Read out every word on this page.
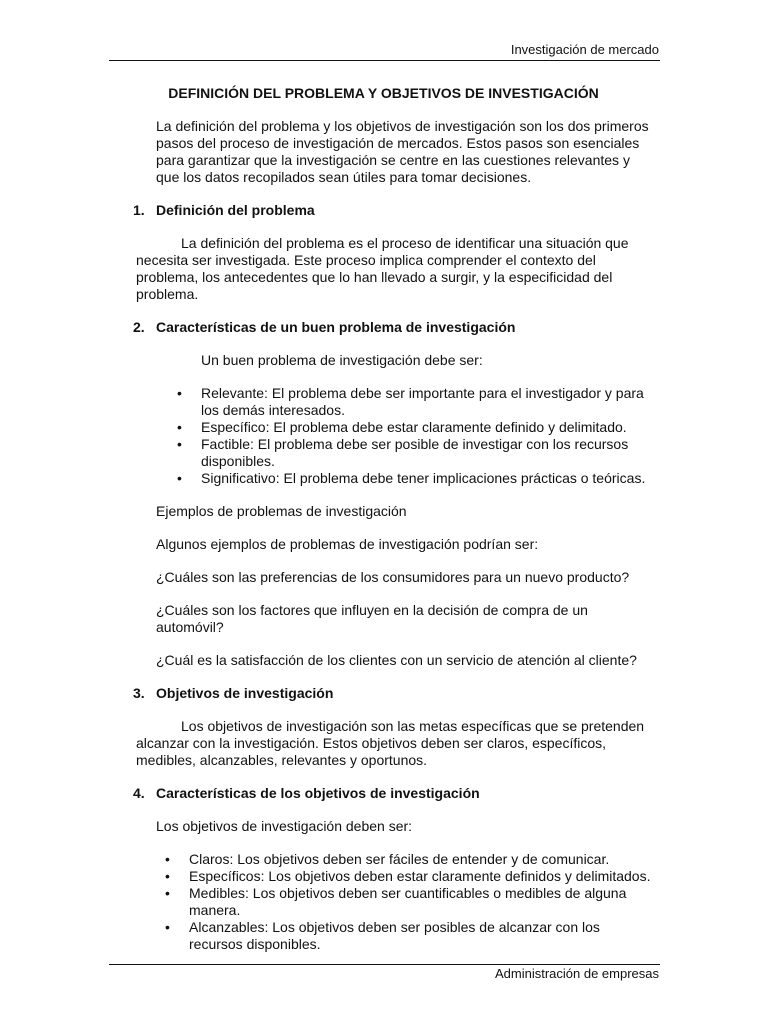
Investigación de mercado
DEFINICIÓN DEL PROBLEMA Y OBJETIVOS DE INVESTIGACIÓN
La definición del problema y los objetivos de investigación son los dos primeros pasos del proceso de investigación de mercados. Estos pasos son esenciales para garantizar que la investigación se centre en las cuestiones relevantes y que los datos recopilados sean útiles para tomar decisiones.
1. Definición del problema
La definición del problema es el proceso de identificar una situación que necesita ser investigada. Este proceso implica comprender el contexto del problema, los antecedentes que lo han llevado a surgir, y la especificidad del problema.
2. Características de un buen problema de investigación
Un buen problema de investigación debe ser:
• Relevante: El problema debe ser importante para el investigador y para los demás interesados.
• Específico: El problema debe estar claramente definido y delimitado.
• Factible: El problema debe ser posible de investigar con los recursos disponibles.
• Significativo: El problema debe tener implicaciones prácticas o teóricas.
Ejemplos de problemas de investigación
Algunos ejemplos de problemas de investigación podrían ser:
¿Cuáles son las preferencias de los consumidores para un nuevo producto?
¿Cuáles son los factores que influyen en la decisión de compra de un automóvil?
¿Cuál es la satisfacción de los clientes con un servicio de atención al cliente?
3. Objetivos de investigación
Los objetivos de investigación son las metas específicas que se pretenden alcanzar con la investigación. Estos objetivos deben ser claros, específicos, medibles, alcanzables, relevantes y oportunos.
4. Características de los objetivos de investigación
Los objetivos de investigación deben ser:
• Claros: Los objetivos deben ser fáciles de entender y de comunicar.
• Específicos: Los objetivos deben estar claramente definidos y delimitados.
• Medibles: Los objetivos deben ser cuantificables o medibles de alguna manera.
• Alcanzables: Los objetivos deben ser posibles de alcanzar con los recursos disponibles.
Administración de empresas
